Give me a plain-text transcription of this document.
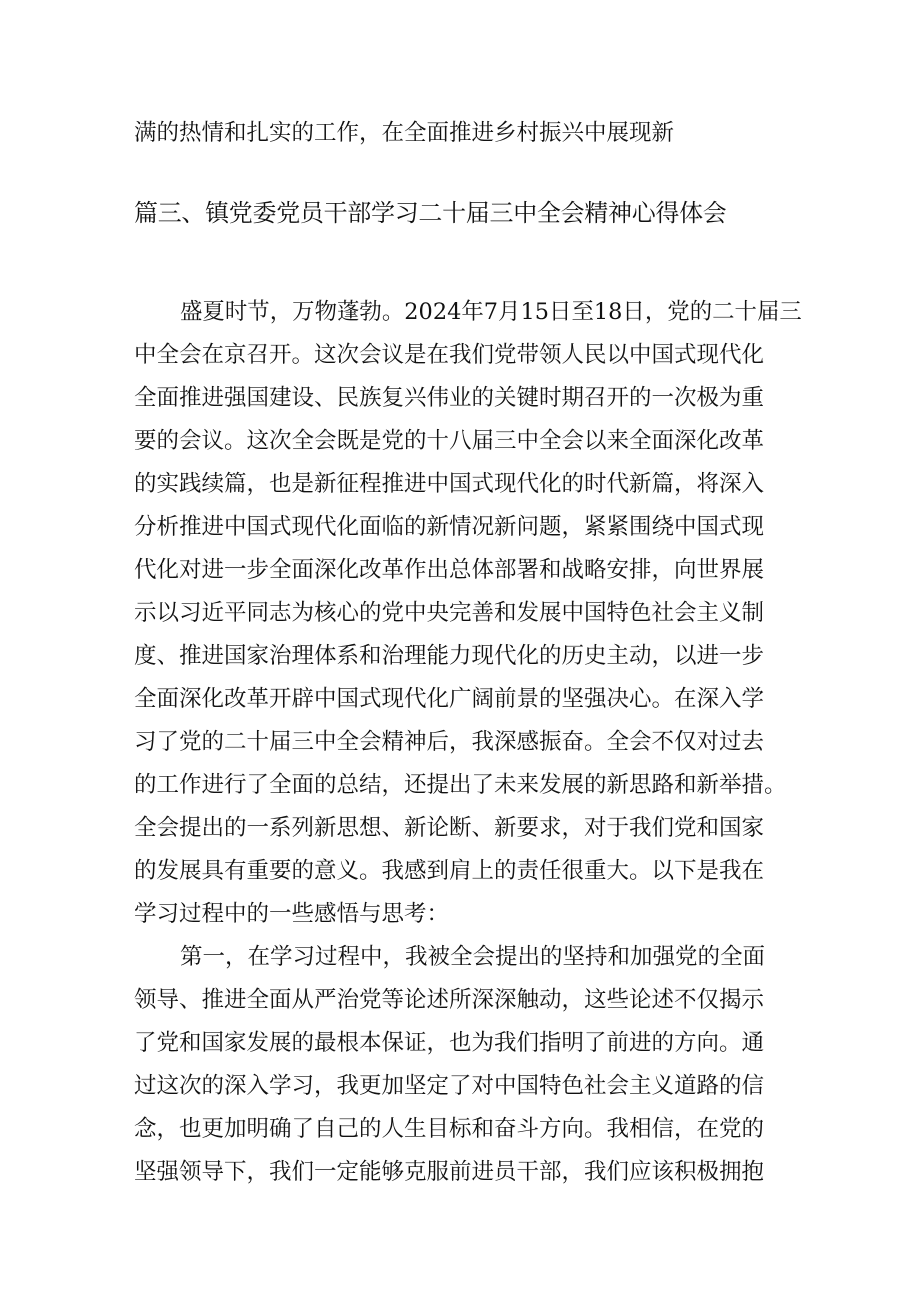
满的热情和扎实的工作，在全面推进乡村振兴中展现新

篇三、镇党委党员干部学习二十届三中全会精神心得体会

盛夏时节，万物蓬勃。2024年7月15日至18日，党的二十届三

中全会在京召开。这次会议是在我们党带领人民以中国式现代化

全面推进强国建设、民族复兴伟业的关键时期召开的一次极为重

要的会议。这次全会既是党的十八届三中全会以来全面深化改革

的实践续篇，也是新征程推进中国式现代化的时代新篇，将深入

分析推进中国式现代化面临的新情况新问题，紧紧围绕中国式现

代化对进一步全面深化改革作出总体部署和战略安排，向世界展

示以习近平同志为核心的党中央完善和发展中国特色社会主义制

度、推进国家治理体系和治理能力现代化的历史主动，以进一步

全面深化改革开辟中国式现代化广阔前景的坚强决心。在深入学

习了党的二十届三中全会精神后，我深感振奋。全会不仅对过去

的工作进行了全面的总结，还提出了未来发展的新思路和新举措。

全会提出的一系列新思想、新论断、新要求，对于我们党和国家

的发展具有重要的意义。我感到肩上的责任很重大。以下是我在

学习过程中的一些感悟与思考：

第一，在学习过程中，我被全会提出的坚持和加强党的全面

领导、推进全面从严治党等论述所深深触动，这些论述不仅揭示

了党和国家发展的最根本保证，也为我们指明了前进的方向。通

过这次的深入学习，我更加坚定了对中国特色社会主义道路的信

念，也更加明确了自己的人生目标和奋斗方向。我相信，在党的

坚强领导下，我们一定能够克服前进员干部，我们应该积极拥抱
